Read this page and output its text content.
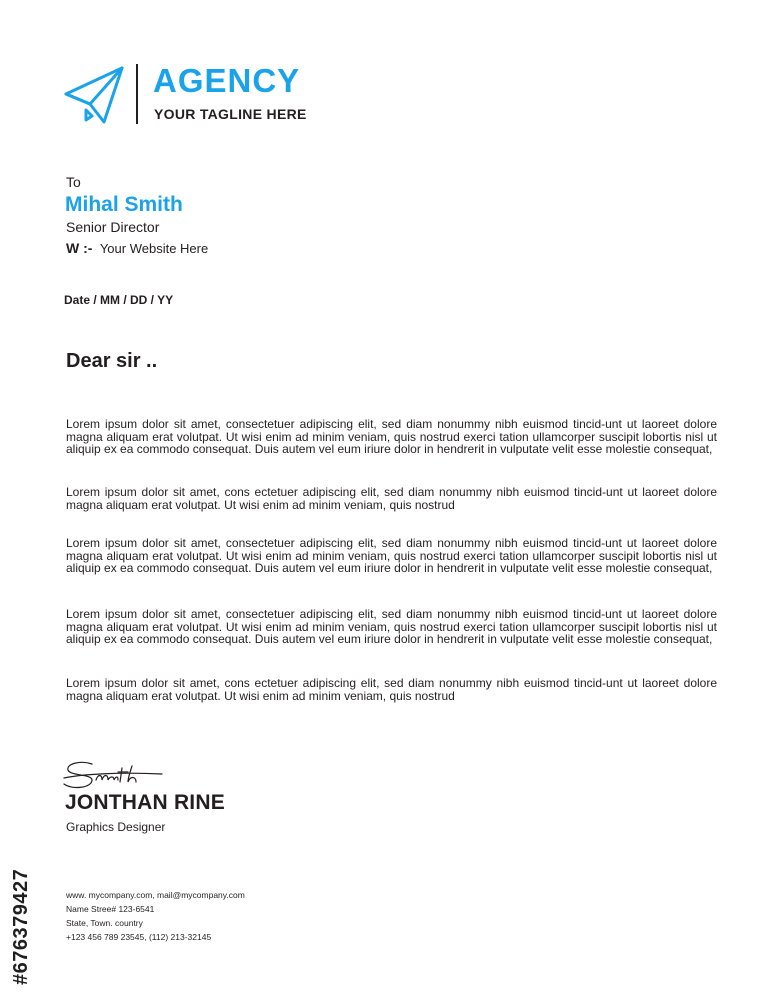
AGENCY
YOUR TAGLINE HERE
To
Mihal Smith
Senior Director
W :- Your Website Here
Date / MM / DD / YY
Dear sir ..

Lorem ipsum dolor sit amet, consectetuer adipiscing elit, sed diam nonummy nibh euismod tincid-unt ut laoreet dolore magna aliquam erat volutpat. Ut wisi enim ad minim veniam, quis nostrud exerci tation ullamcorper suscipit lobortis nisl ut aliquip ex ea commodo consequat. Duis autem vel eum iriure dolor in hendrerit in vulputate velit esse molestie consequat,

Lorem ipsum dolor sit amet, cons ectetuer adipiscing elit, sed diam nonummy nibh euismod tincid-unt ut laoreet dolore magna aliquam erat volutpat. Ut wisi enim ad minim veniam, quis nostrud

Lorem ipsum dolor sit amet, consectetuer adipiscing elit, sed diam nonummy nibh euismod tincid-unt ut laoreet dolore magna aliquam erat volutpat. Ut wisi enim ad minim veniam, quis nostrud exerci tation ullamcorper suscipit lobortis nisl ut aliquip ex ea commodo consequat. Duis autem vel eum iriure dolor in hendrerit in vulputate velit esse molestie consequat,

Lorem ipsum dolor sit amet, consectetuer adipiscing elit, sed diam nonummy nibh euismod tincid-unt ut laoreet dolore magna aliquam erat volutpat. Ut wisi enim ad minim veniam, quis nostrud exerci tation ullamcorper suscipit lobortis nisl ut aliquip ex ea commodo consequat. Duis autem vel eum iriure dolor in hendrerit in vulputate velit esse molestie consequat,

Lorem ipsum dolor sit amet, cons ectetuer adipiscing elit, sed diam nonummy nibh euismod tincid-unt ut laoreet dolore magna aliquam erat volutpat. Ut wisi enim ad minim veniam, quis nostrud

JONTHAN RINE
Graphics Designer
www. mycompany.com, mail@mycompany.com
Name Stree# 123-6541
State, Town. country
+123 456 789 23545, (112) 213-32145
#676379427
